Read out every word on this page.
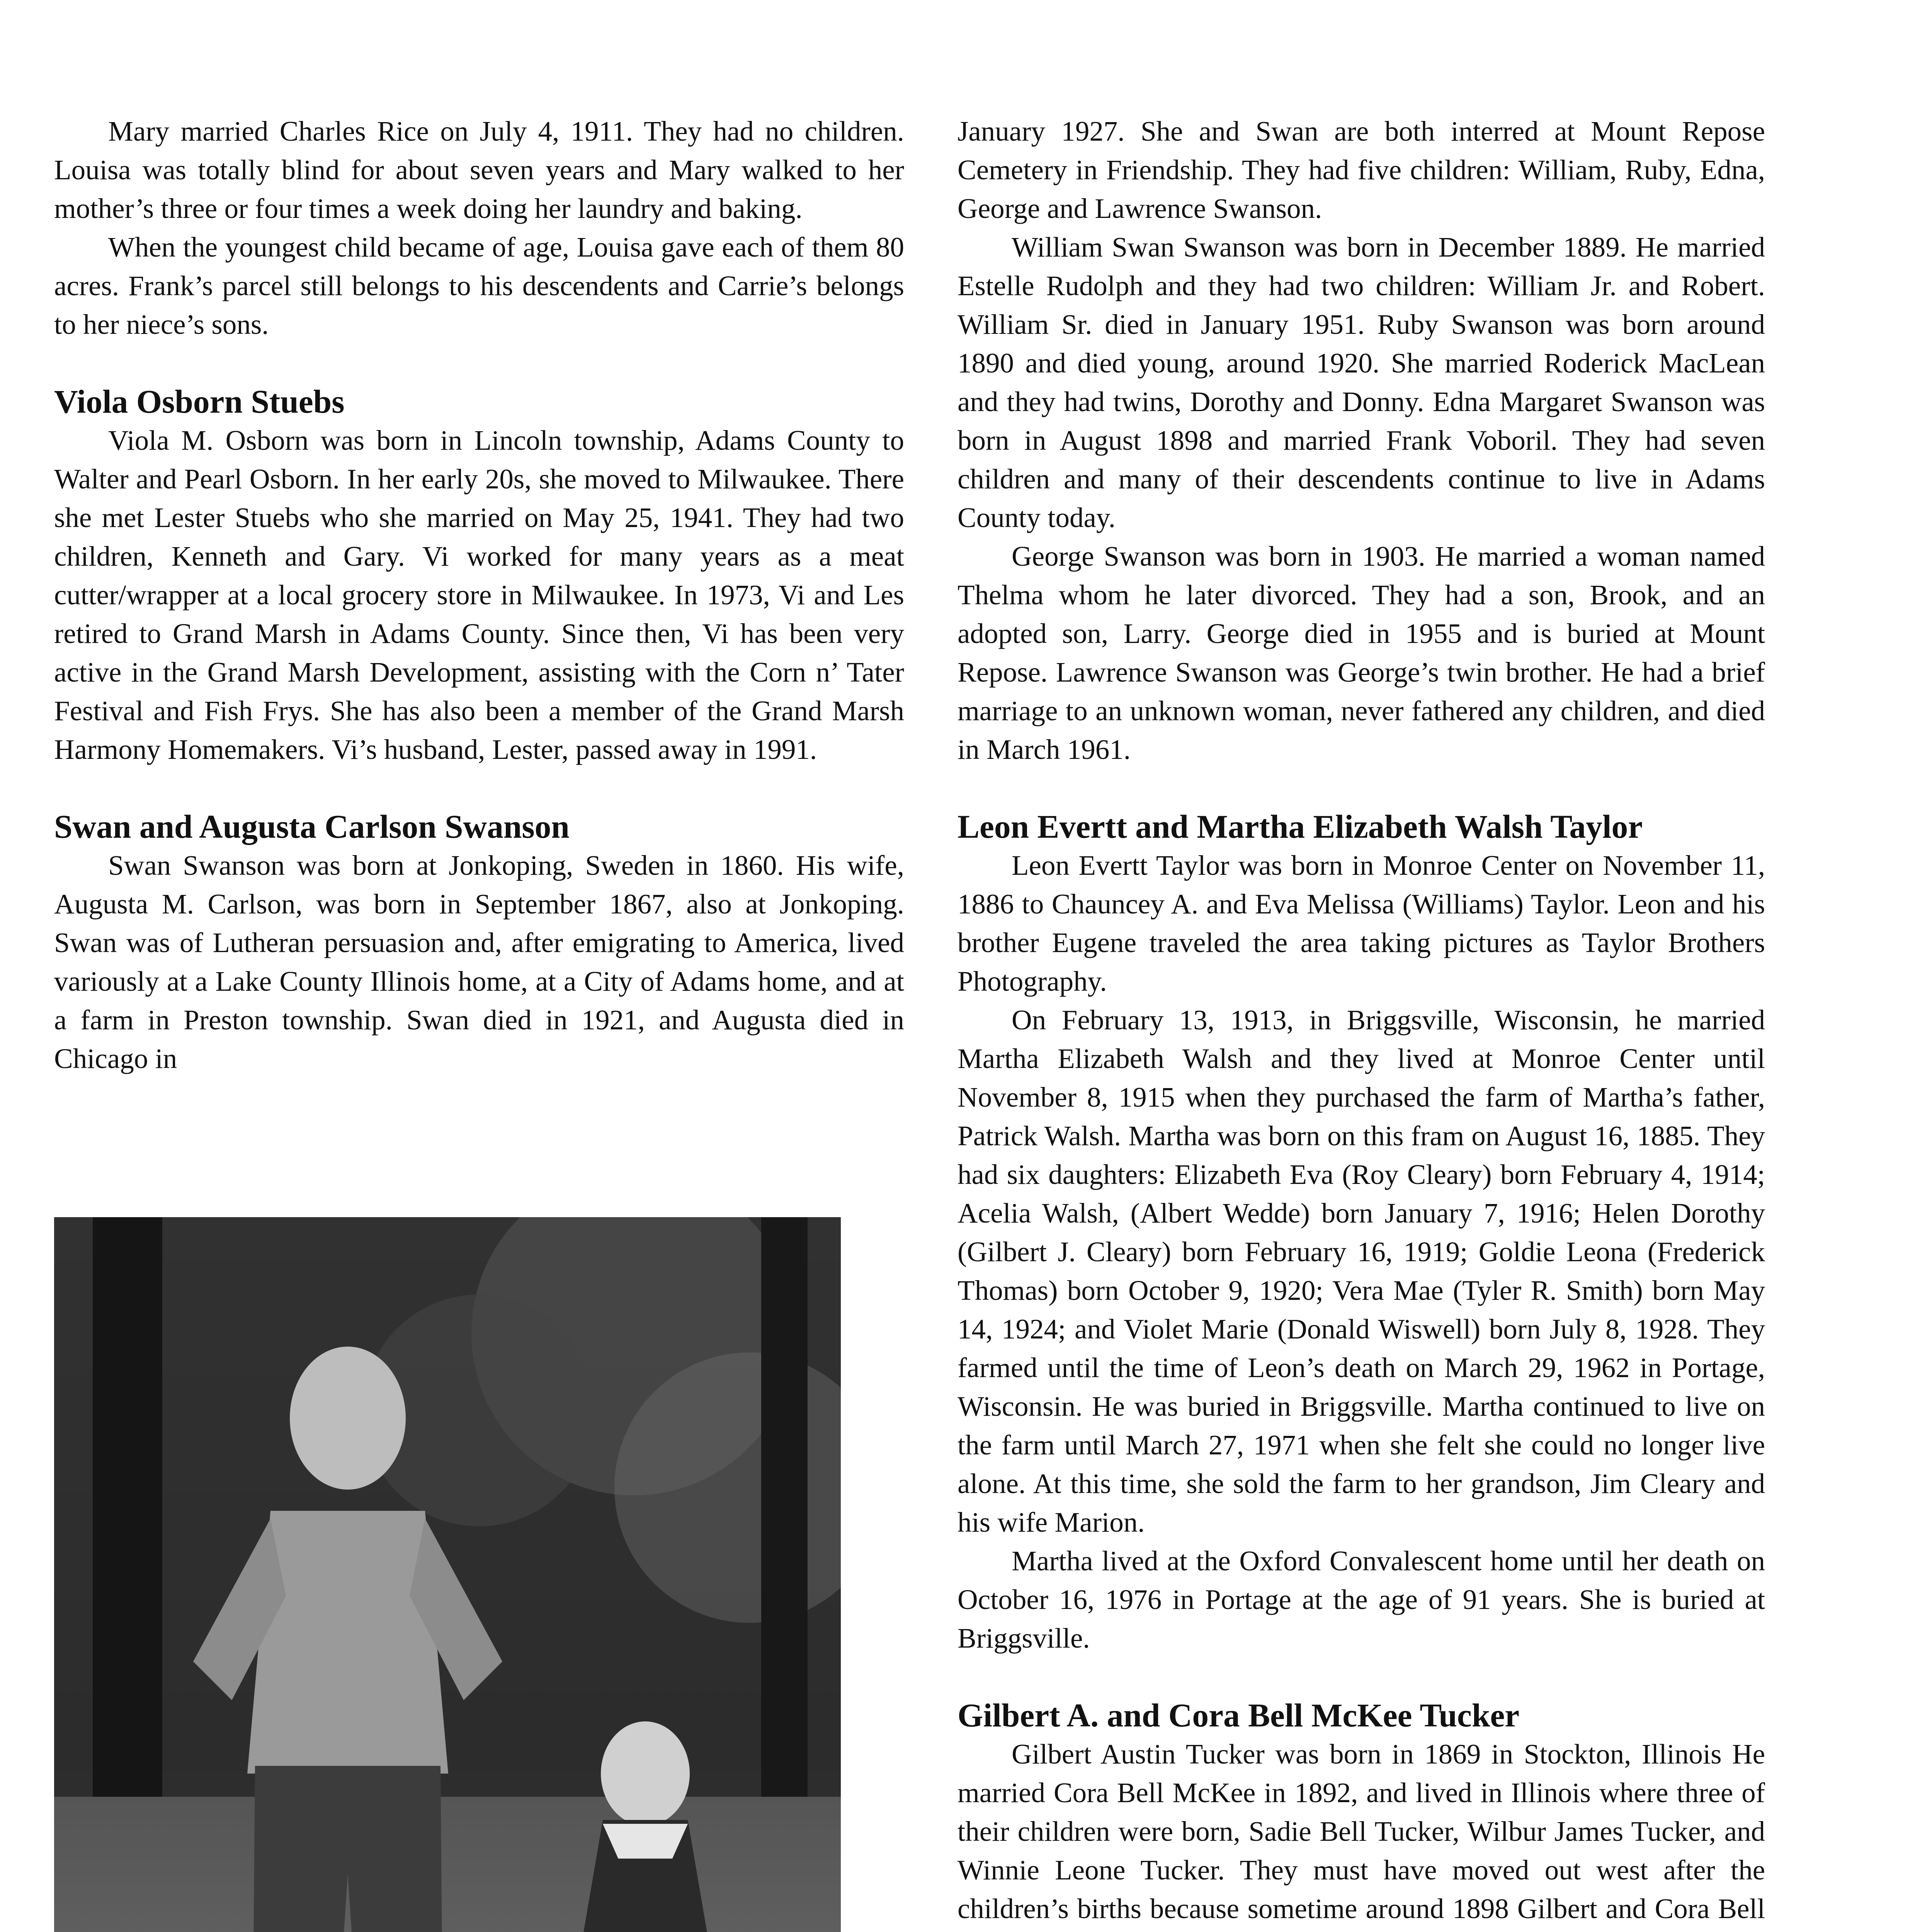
Mary married Charles Rice on July 4, 1911. They had no children. Louisa was totally blind for about seven years and Mary walked to her mother’s three or four times a week doing her laundry and baking.

When the youngest child became of age, Louisa gave each of them 80 acres. Frank’s parcel still belongs to his descendents and Carrie’s belongs to her niece’s sons.

Viola Osborn Stuebs

Viola M. Osborn was born in Lincoln township, Adams County to Walter and Pearl Osborn. In her early 20s, she moved to Milwaukee. There she met Lester Stuebs who she married on May 25, 1941. They had two children, Kenneth and Gary. Vi worked for many years as a meat cutter/wrapper at a local grocery store in Milwaukee. In 1973, Vi and Les retired to Grand Marsh in Adams County. Since then, Vi has been very active in the Grand Marsh Development, assisting with the Corn n’ Tater Festival and Fish Frys. She has also been a member of the Grand Marsh Harmony Homemakers. Vi’s husband, Lester, passed away in 1991.

Swan and Augusta Carlson Swanson

Swan Swanson was born at Jonkoping, Sweden in 1860. His wife, Augusta M. Carlson, was born in September 1867, also at Jonkoping. Swan was of Lutheran persuasion and, after emigrating to America, lived variously at a Lake County Illinois home, at a City of Adams home, and at a farm in Preston township. Swan died in 1921, and Augusta died in Chicago in

January 1927. She and Swan are both interred at Mount Repose Cemetery in Friendship. They had five children: William, Ruby, Edna, George and Lawrence Swanson.

William Swan Swanson was born in December 1889. He married Estelle Rudolph and they had two children: William Jr. and Robert. William Sr. died in January 1951. Ruby Swanson was born around 1890 and died young, around 1920. She married Roderick MacLean and they had twins, Dorothy and Donny. Edna Margaret Swanson was born in August 1898 and married Frank Voboril. They had seven children and many of their descendents continue to live in Adams County today.

George Swanson was born in 1903. He married a woman named Thelma whom he later divorced. They had a son, Brook, and an adopted son, Larry. George died in 1955 and is buried at Mount Repose. Lawrence Swanson was George’s twin brother. He had a brief marriage to an unknown woman, never fathered any children, and died in March 1961.

Leon Evertt and Martha Elizabeth Walsh Taylor

Leon Evertt Taylor was born in Monroe Center on November 11, 1886 to Chauncey A. and Eva Melissa (Williams) Taylor. Leon and his brother Eugene traveled the area taking pictures as Taylor Brothers Photography.

On February 13, 1913, in Briggsville, Wisconsin, he married Martha Elizabeth Walsh and they lived at Monroe Center until November 8, 1915 when they purchased the farm of Martha’s father, Patrick Walsh. Martha was born on this fram on August 16, 1885. They had six daughters: Elizabeth Eva (Roy Cleary) born February 4, 1914; Acelia Walsh, (Albert Wedde) born January 7, 1916; Helen Dorothy (Gilbert J. Cleary) born February 16, 1919; Goldie Leona (Frederick Thomas) born October 9, 1920; Vera Mae (Tyler R. Smith) born May 14, 1924; and Violet Marie (Donald Wiswell) born July 8, 1928. They farmed until the time of Leon’s death on March 29, 1962 in Portage, Wisconsin. He was buried in Briggsville. Martha continued to live on the farm until March 27, 1971 when she felt she could no longer live alone. At this time, she sold the farm to her grandson, Jim Cleary and his wife Marion.

Martha lived at the Oxford Convalescent home until her death on October 16, 1976 in Portage at the age of 91 years. She is buried at Briggsville.

Gilbert A. and Cora Bell McKee Tucker

Gilbert Austin Tucker was born in 1869 in Stockton, Illinois He married Cora Bell McKee in 1892, and lived in Illinois where three of their children were born, Sadie Bell Tucker, Wilbur James Tucker, and Winnie Leone Tucker. They must have moved out west after the children’s births because sometime around 1898 Gilbert and Cora Bell
